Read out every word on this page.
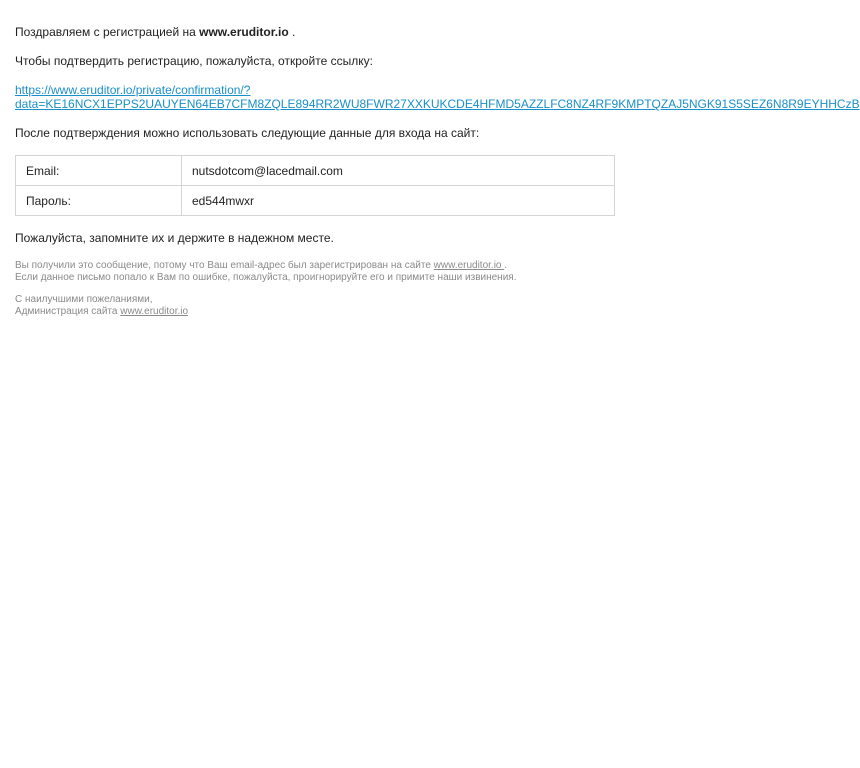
Поздравляем с регистрацией на www.eruditor.io .

Чтобы подтвердить регистрацию, пожалуйста, откройте ссылку:

https://www.eruditor.io/private/confirmation/?
data=KE16NCX1EPPS2UAUYEN64EB7CFM8ZQLE894RR2WU8FWR27XXKUKCDE4HFMD5AZZLFC8NZ4RF9KMPTQZAJ5NGK91S5SEZ6N8R9EYHHCzB

После подтверждения можно использовать следующие данные для входа на сайт:

Email:	nutsdotcom@lacedmail.com
Пароль:	ed544mwxr

Пожалуйста, запомните их и держите в надежном месте.

Вы получили это сообщение, потому что Ваш email-адрес был зарегистрирован на сайте www.eruditor.io .

Если данное письмо попало к Вам по ошибке, пожалуйста, проигнорируйте его и примите наши извинения.

С наилучшими пожеланиями,

Администрация сайта www.eruditor.io
